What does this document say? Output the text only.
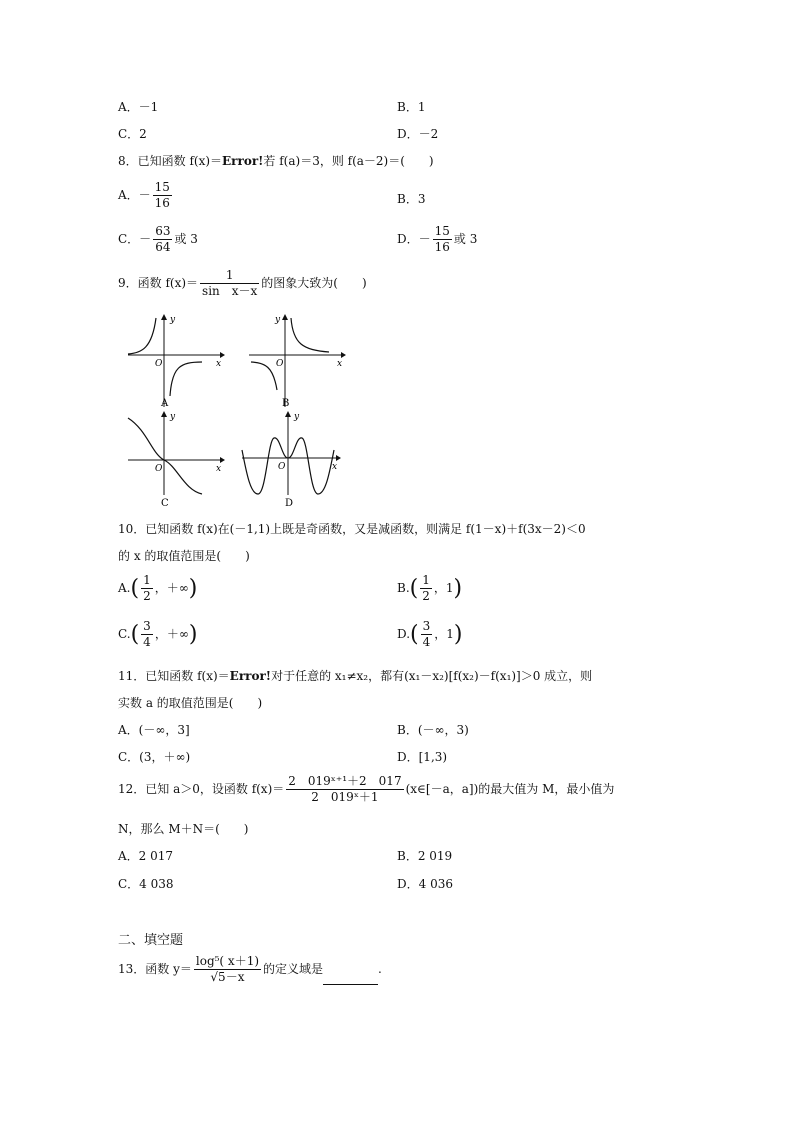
A．－1	B．1
C．2	D．－2
8．已知函数 f(x)＝Error!若 f(a)＝3，则 f(a－2)＝(　　)
A．－ $\frac{15}{16}$	B．3
C．－ $\frac{63}{64}$ 或 3	D．－ $\frac{15}{16}$ 或 3
9．函数 $f(x)= \frac{1}{\text{sin　x－x}}$ 的图象大致为(　　)
y
x
O
A
y
x
O
B
y
x
O
C
y
x
O
D
10．已知函数 f(x)在(－1,1)上既是奇函数，又是减函数，则满足 f(1－x)＋f(3x－2)＜0
的 x 的取值范围是(　　)
$A.( \frac{1}{2}$ ，＋∞)	$B.( \frac{1}{2}$ ，1)
$C.( \frac{3}{4}$ ，＋∞)	$D.( \frac{3}{4}$ ，1)
11．已知函数 f(x)＝Error!对于任意的 x₁≠x₂，都有(x₁－x₂)[f(x₂)－f(x₁)]＞0 成立，则
实数 a 的取值范围是(　　)
A．(－∞，3]	B．(－∞，3)
C．(3，＋∞)	D．[1,3)
12．已知 a＞0，设函数 $f(x)= \frac{\text{2　019ˣ⁺¹＋2　017}}{\text{2　019ˣ＋1}}$ (x∈[－a，a])的最大值为 M，最小值为
N，那么 M＋N＝(　　)
A．2 017	B．2 019
C．4 038	D．4 036
二、填空题
13．函数 $y= \frac{\text{log⁵( x＋1)}}{√5-x}$ 的定义域是	.
